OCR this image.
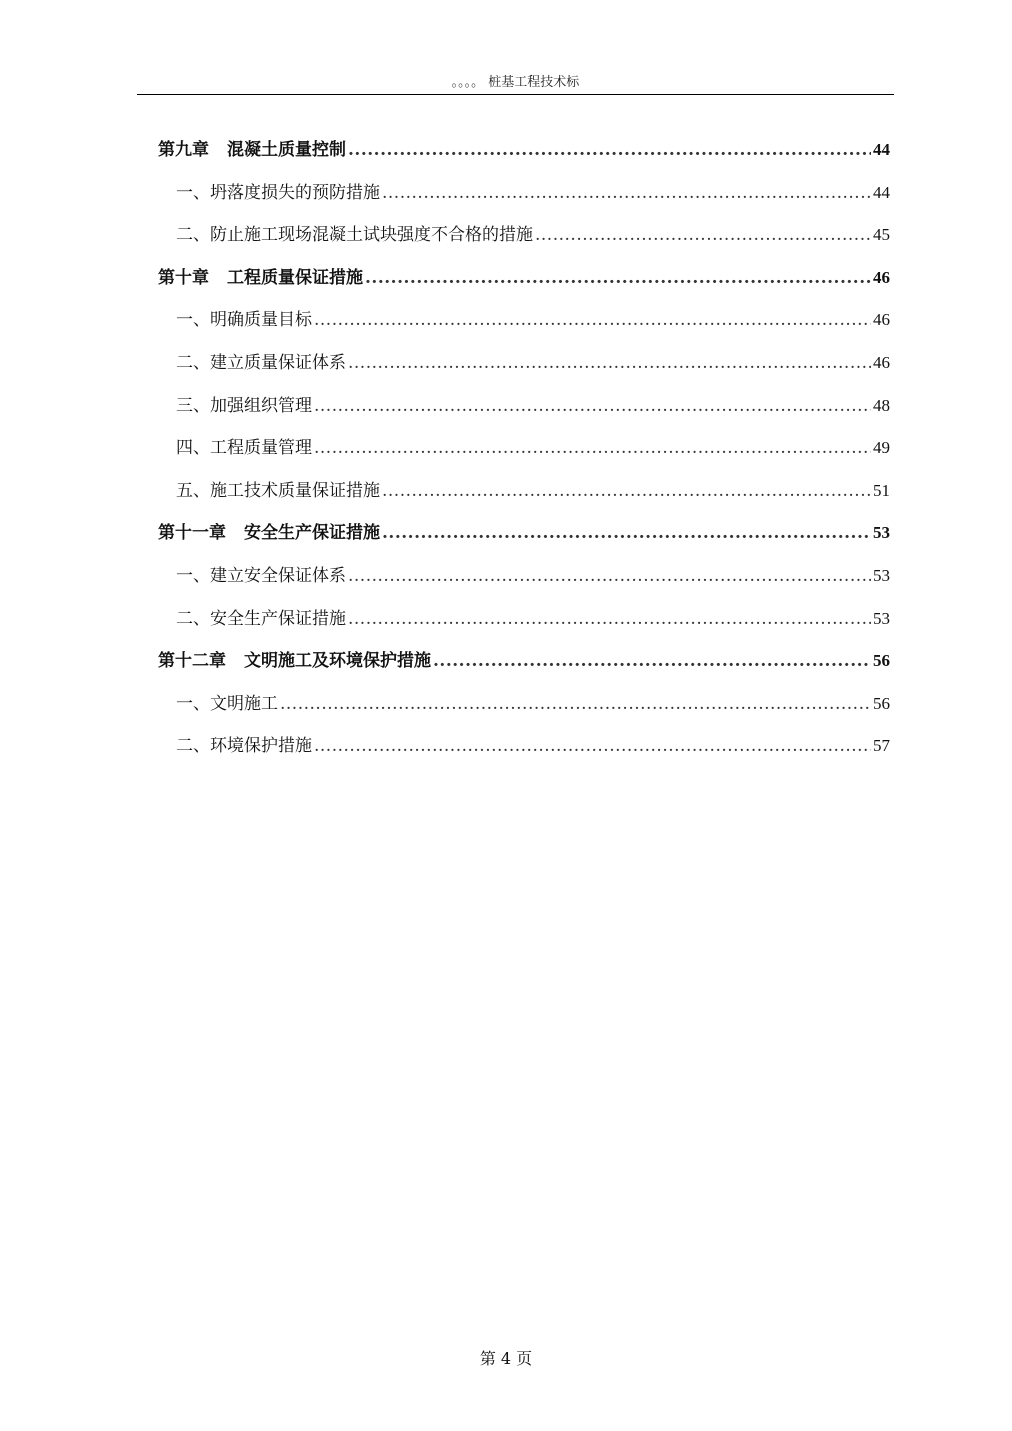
。。。。 桩基工程技术标
第九章 混凝土质量控制 .....	44
一、坍落度损失的预防措施 .....	44
二、防止施工现场混凝土试块强度不合格的措施 .....	45
第十章 工程质量保证措施 .....	46
一、明确质量目标 .....	46
二、建立质量保证体系 .....	46
三、加强组织管理 .....	48
四、工程质量管理 .....	49
五、施工技术质量保证措施 .....	51
第十一章 安全生产保证措施 .....	53
一、建立安全保证体系 .....	53
二、安全生产保证措施 .....	53
第十二章 文明施工及环境保护措施 .....	56
一、文明施工 .....	56
二、环境保护措施 .....	57
第 4 页
